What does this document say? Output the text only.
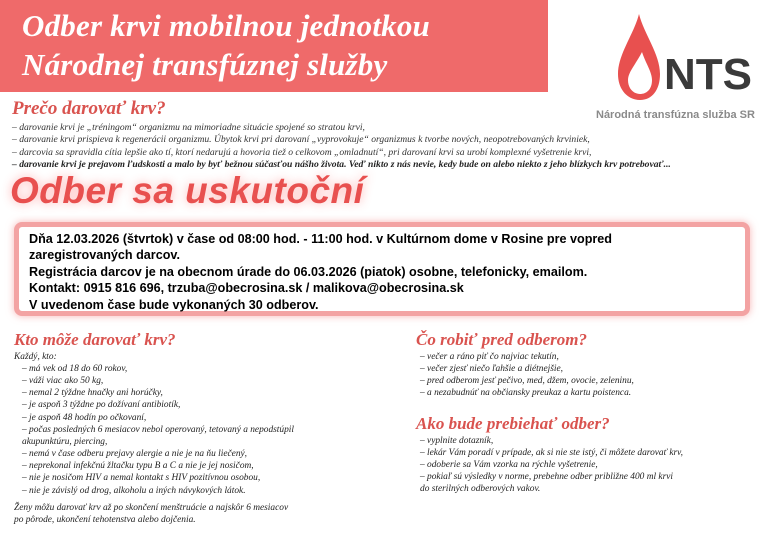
Odber krvi mobilnou jednotkou
Národnej transfúznej služby	NTS
Národná transfúzna služba SR
Prečo darovať krv?
– darovanie krvi je „tréningom“ organizmu na mimoriadne situácie spojené so stratou krvi,
– darovanie krvi prispieva k regenerácii organizmu. Úbytok krvi pri darovaní „vyprovokuje“ organizmus k tvorbe nových, neopotrebovaných krviniek,
– darcovia sa spravidla cítia lepšie ako tí, ktorí nedarujú a hovoria tiež o celkovom „omladnutí“, pri darovaní krvi sa urobí komplexné vyšetrenie krvi,
– darovanie krvi je prejavom ľudskosti a malo by byť bežnou súčasťou nášho života. Veď nikto z nás nevie, kedy bude on alebo niekto z jeho blízkych krv potrebovať...
Odber sa uskutoční
Dňa 12.03.2026 (štvrtok) v čase od 08:00 hod. - 11:00 hod. v Kultúrnom dome v Rosine pre vopred
zaregistrovaných darcov.
Registrácia darcov je na obecnom úrade do 06.03.2026 (piatok) osobne, telefonicky, emailom.
Kontakt: 0915 816 696, trzuba@obecrosina.sk / malikova@obecrosina.sk
V uvedenom čase bude vykonaných 30 odberov.
Kto môže darovať krv?
Každý, kto:
– má vek od 18 do 60 rokov,
– váži viac ako 50 kg,
– nemal 2 týždne hnačky ani horúčky,
– je aspoň 3 týždne po dožívaní antibiotík,
– je aspoň 48 hodín po očkovaní,
– počas posledných 6 mesiacov nebol operovaný, tetovaný a nepodstúpil
akupunktúru, piercing,
– nemá v čase odberu prejavy alergie a nie je na ňu liečený,
– neprekonal infekčnú žltačku typu B a C a nie je jej nosičom,
– nie je nosičom HIV a nemal kontakt s HIV pozitívnou osobou,
– nie je závislý od drog, alkoholu a iných návykových látok.
Ženy môžu darovať krv až po skončení menštruácie a najskôr 6 mesiacov
po pôrode, ukončení tehotenstva alebo dojčenia.
Čo robiť pred odberom?
– večer a ráno piť čo najviac tekutín,
– večer zjesť niečo ľahšie a diétnejšie,
– pred odberom jesť pečivo, med, džem, ovocie, zeleninu,
– a nezabudnúť na občiansky preukaz a kartu poistenca.
Ako bude prebiehať odber?
– vyplnite dotazník,
– lekár Vám poradí v prípade, ak si nie ste istý, či môžete darovať krv,
– odoberie sa Vám vzorka na rýchle vyšetrenie,
– pokiaľ sú výsledky v norme, prebehne odber približne 400 ml krvi
do sterilných odberových vakov.
